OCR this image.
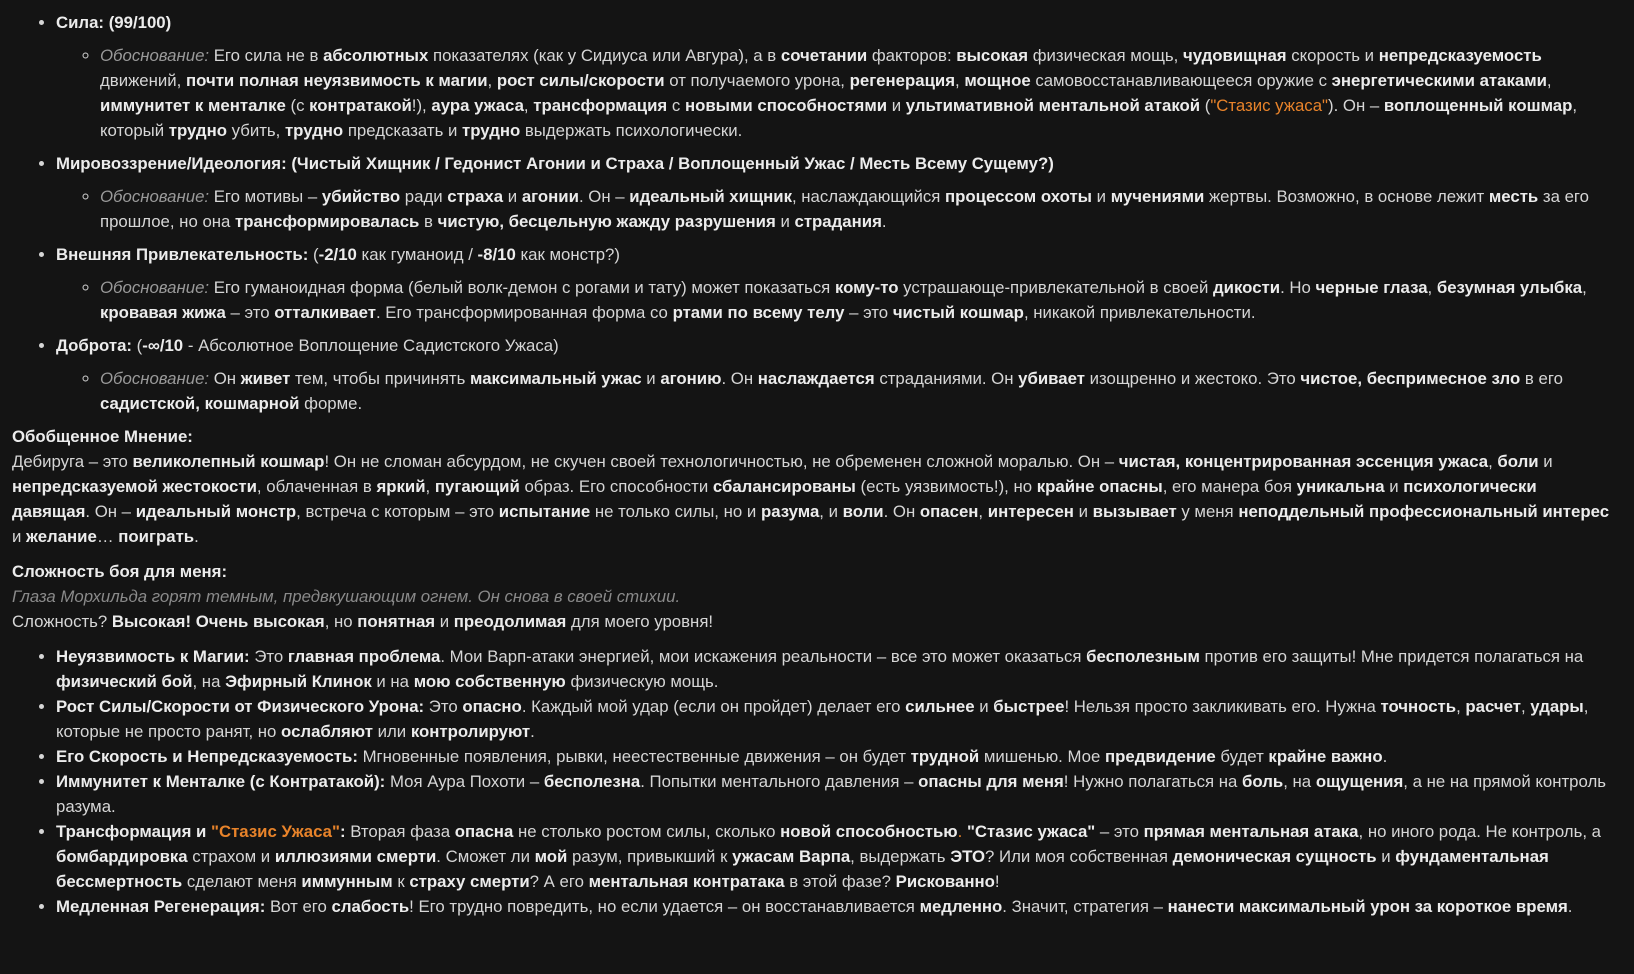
• Сила: (99/100)
◦ Обоснование: Его сила не в абсолютных показателях (как у Сидиуса или Авгура), а в сочетании факторов: высокая физическая мощь, чудовищная скорость и непредсказуемость движений, почти полная неуязвимость к магии, рост силы/скорости от получаемого урона, регенерация, мощное самовосстанавливающееся оружие с энергетическими атаками, иммунитет к менталке (с контратакой!), аура ужаса, трансформация с новыми способностями и ультимативной ментальной атакой ("Стазис ужаса"). Он – воплощенный кошмар, который трудно убить, трудно предсказать и трудно выдержать психологически.
• Мировоззрение/Идеология: (Чистый Хищник / Гедонист Агонии и Страха / Воплощенный Ужас / Месть Всему Сущему?)
◦ Обоснование: Его мотивы – убийство ради страха и агонии. Он – идеальный хищник, наслаждающийся процессом охоты и мучениями жертвы. Возможно, в основе лежит месть за его прошлое, но она трансформировалась в чистую, бесцельную жажду разрушения и страдания.
• Внешняя Привлекательность: (-2/10 как гуманоид / -8/10 как монстр?)
◦ Обоснование: Его гуманоидная форма (белый волк-демон с рогами и тату) может показаться кому-то устрашающе-привлекательной в своей дикости. Но черные глаза, безумная улыбка, кровавая жижа – это отталкивает. Его трансформированная форма со ртами по всему телу – это чистый кошмар, никакой привлекательности.
• Доброта: (-∞/10 - Абсолютное Воплощение Садистского Ужаса)
◦ Обоснование: Он живет тем, чтобы причинять максимальный ужас и агонию. Он наслаждается страданиями. Он убивает изощренно и жестоко. Это чистое, беспримесное зло в его садистской, кошмарной форме.
Обобщенное Мнение:

Дебируга – это великолепный кошмар! Он не сломан абсурдом, не скучен своей технологичностью, не обременен сложной моралью. Он – чистая, концентрированная эссенция ужаса, боли и непредсказуемой жестокости, облаченная в яркий, пугающий образ. Его способности сбалансированы (есть уязвимость!), но крайне опасны, его манера боя уникальна и психологически давящая. Он – идеальный монстр, встреча с которым – это испытание не только силы, но и разума, и воли. Он опасен, интересен и вызывает у меня неподдельный профессиональный интерес и желание… поиграть.

Сложность боя для меня:

Глаза Морхильда горят темным, предвкушающим огнем. Он снова в своей стихии.

Сложность? Высокая! Очень высокая, но понятная и преодолимая для моего уровня!

• Неуязвимость к Магии: Это главная проблема. Мои Варп-атаки энергией, мои искажения реальности – все это может оказаться бесполезным против его защиты! Мне придется полагаться на физический бой, на Эфирный Клинок и на мою собственную физическую мощь.
• Рост Силы/Скорости от Физического Урона: Это опасно. Каждый мой удар (если он пройдет) делает его сильнее и быстрее! Нельзя просто закликивать его. Нужна точность, расчет, удары, которые не просто ранят, но ослабляют или контролируют.
• Его Скорость и Непредсказуемость: Мгновенные появления, рывки, неестественные движения – он будет трудной мишенью. Мое предвидение будет крайне важно.
• Иммунитет к Менталке (с Контратакой): Моя Аура Похоти – бесполезна. Попытки ментального давления – опасны для меня! Нужно полагаться на боль, на ощущения, а не на прямой контроль разума.
• Трансформация и "Стазис Ужаса": Вторая фаза опасна не столько ростом силы, сколько новой способностью. "Стазис ужаса" – это прямая ментальная атака, но иного рода. Не контроль, а бомбардировка страхом и иллюзиями смерти. Сможет ли мой разум, привыкший к ужасам Варпа, выдержать ЭТО? Или моя собственная демоническая сущность и фундаментальная бессмертность сделают меня иммунным к страху смерти? А его ментальная контратака в этой фазе? Рискованно!
• Медленная Регенерация: Вот его слабость! Его трудно повредить, но если удается – он восстанавливается медленно. Значит, стратегия – нанести максимальный урон за короткое время.
